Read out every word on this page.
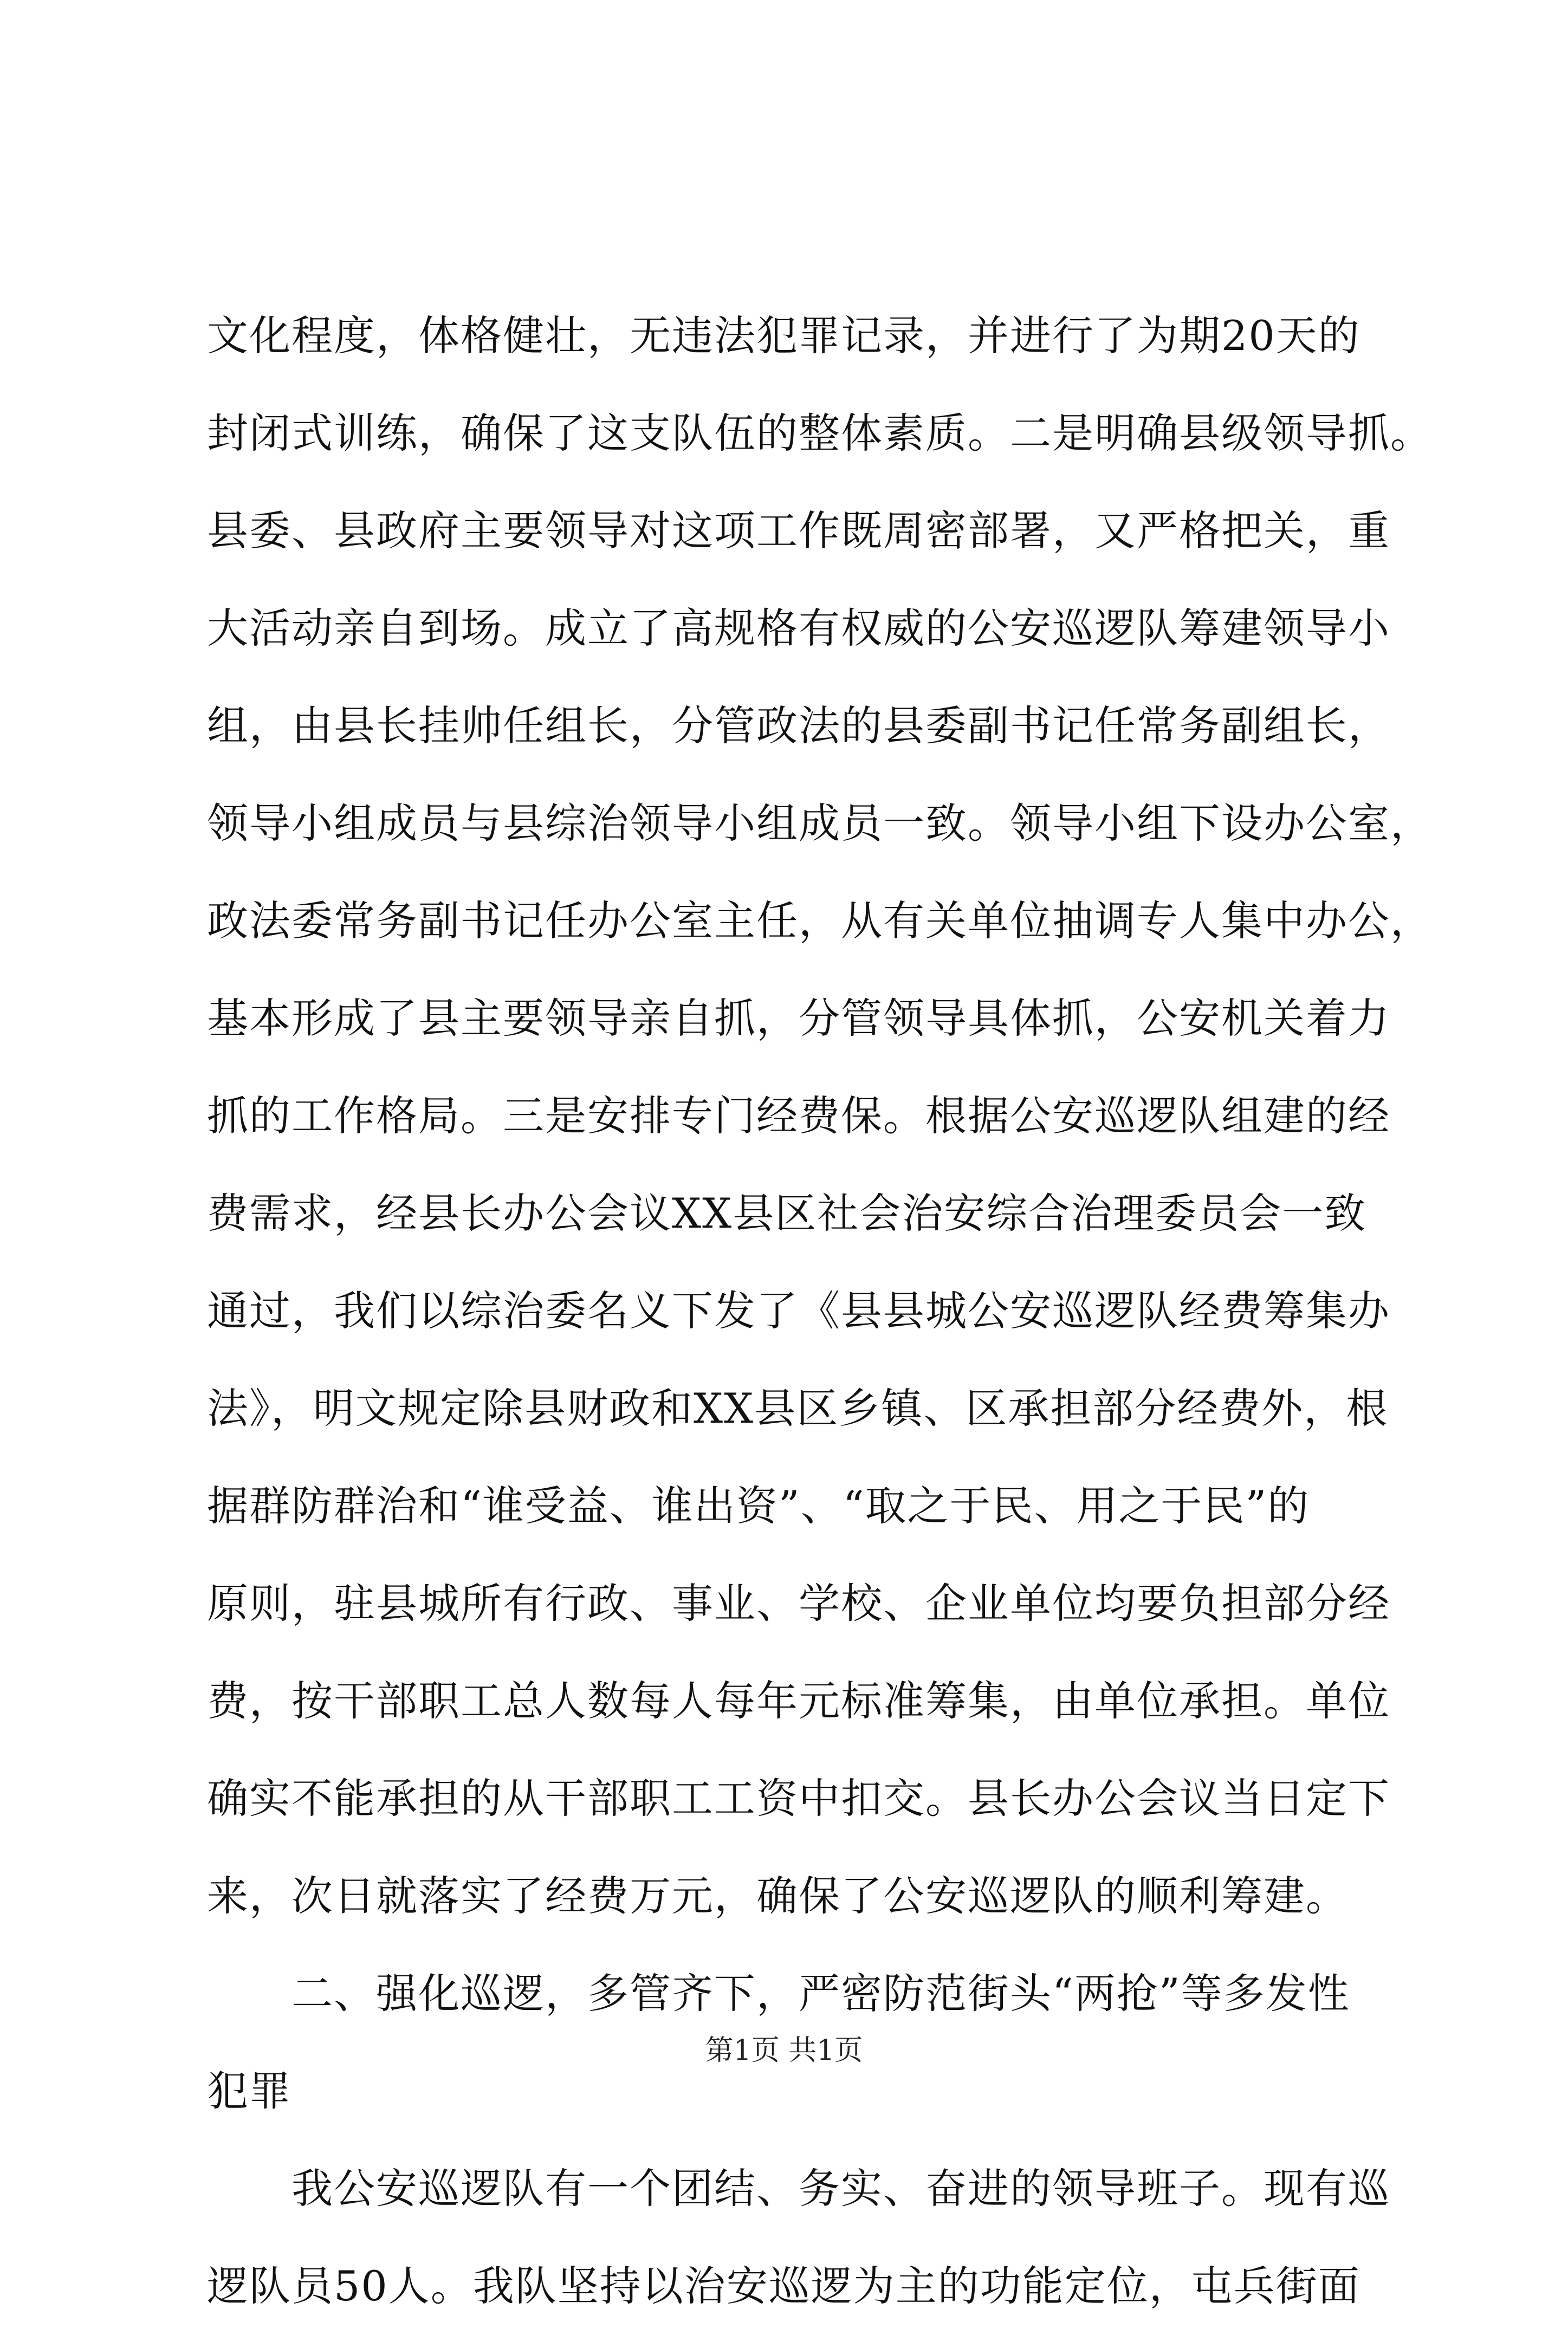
文化程度，体格健壮，无违法犯罪记录，并进行了为期20天的
封闭式训练，确保了这支队伍的整体素质。二是明确县级领导抓。
县委、县政府主要领导对这项工作既周密部署，又严格把关，重
大活动亲自到场。成立了高规格有权威的公安巡逻队筹建领导小
组，由县长挂帅任组长，分管政法的县委副书记任常务副组长，
领导小组成员与县综治领导小组成员一致。领导小组下设办公室，
政法委常务副书记任办公室主任，从有关单位抽调专人集中办公，
基本形成了县主要领导亲自抓，分管领导具体抓，公安机关着力
抓的工作格局。三是安排专门经费保。根据公安巡逻队组建的经
费需求，经县长办公会议XX县区社会治安综合治理委员会一致
通过，我们以综治委名义下发了《县县城公安巡逻队经费筹集办
法》，明文规定除县财政和XX县区乡镇、区承担部分经费外，根
据群防群治和“谁受益、谁出资”、“取之于民、用之于民”的
原则，驻县城所有行政、事业、学校、企业单位均要负担部分经
费，按干部职工总人数每人每年元标准筹集，由单位承担。单位
确实不能承担的从干部职工工资中扣交。县长办公会议当日定下
来，次日就落实了经费万元，确保了公安巡逻队的顺利筹建。
　　二、强化巡逻，多管齐下，严密防范街头“两抢”等多发性
犯罪
　　我公安巡逻队有一个团结、务实、奋进的领导班子。现有巡
逻队员50人。我队坚持以治安巡逻为主的功能定位，屯兵街面
第1页 共1页
